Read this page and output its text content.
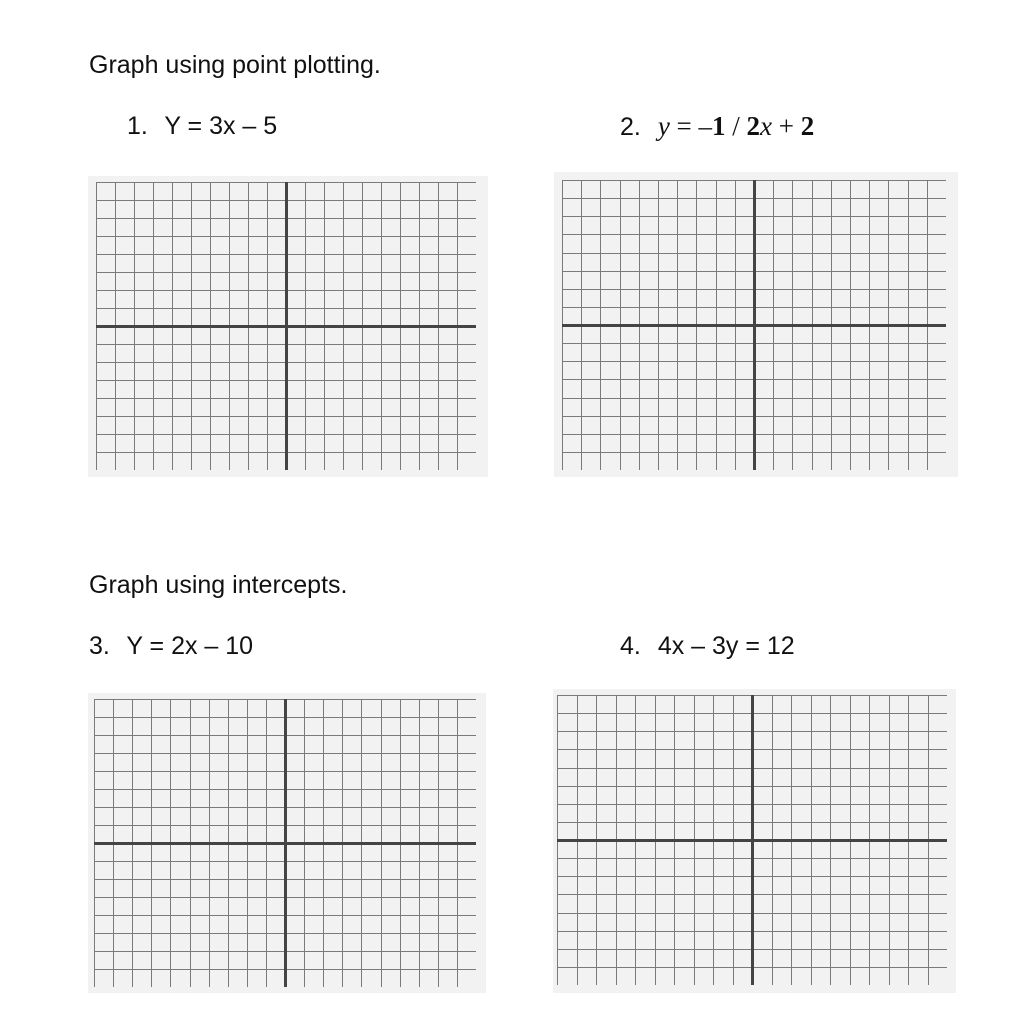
Graph using point plotting.
1. Y = 3x – 5	2. y = –1 / 2x + 2
Graph using intercepts.
3. Y = 2x – 10	4. 4x – 3y = 12
